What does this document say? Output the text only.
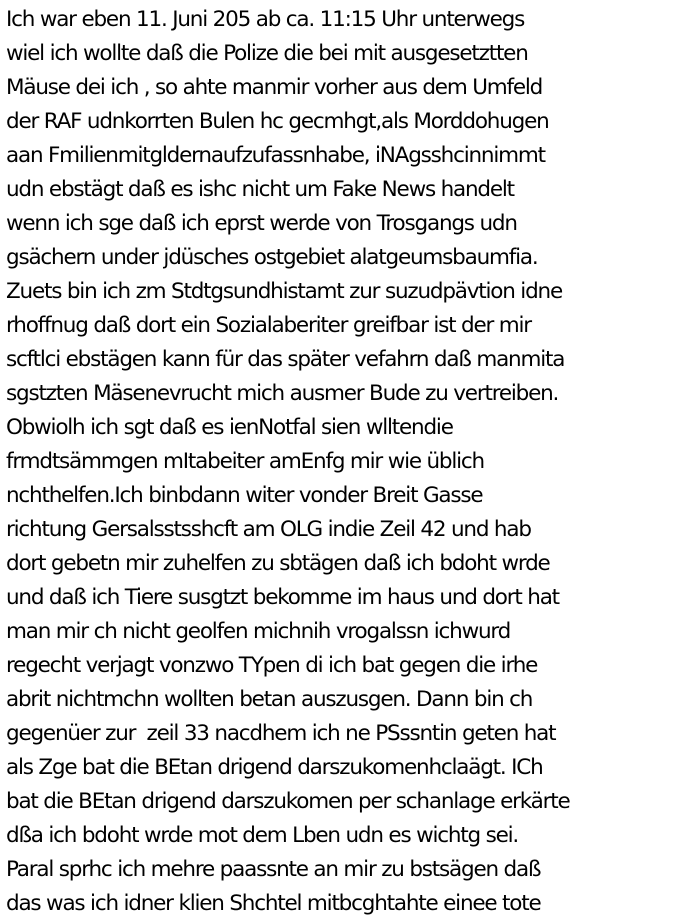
Ich war eben 11. Juni 205 ab ca. 11:15 Uhr unterwegs
wiel ich wollte daß die Polize die bei mit ausgesetztten
Mäuse dei ich , so ahte manmir vorher aus dem Umfeld
der RAF udnkorrten Bulen hc gecmhgt,als Morddohugen
aan Fmilienmitgldernaufzufassnhabe, iNAgsshcinnimmt
udn ebstägt daß es ishc nicht um Fake News handelt
wenn ich sge daß ich eprst werde von Trosgangs udn
gsächern under jdüsches ostgebiet alatgeumsbaumfia.
Zuets bin ich zm Stdtgsundhistamt zur suzudpävtion idne
rhoffnug daß dort ein Sozialaberiter greifbar ist der mir
scftlci ebstägen kann für das später vefahrn daß manmita
sgstzten Mäsenevrucht mich ausmer Bude zu vertreiben.
Obwiolh ich sgt daß es ienNotfal sien wlltendie
frmdtsämmgen mItabeiter amEnfg mir wie üblich
nchthelfen.Ich binbdann witer vonder Breit Gasse
richtung Gersalsstsshcft am OLG indie Zeil 42 und hab
dort gebetn mir zuhelfen zu sbtägen daß ich bdoht wrde
und daß ich Tiere susgtzt bekomme im haus und dort hat
man mir ch nicht geolfen michnih vrogalssn ichwurd
regecht verjagt vonzwo TYpen di ich bat gegen die irhe
abrit nichtmchn wollten betan auszusgen. Dann bin ch
gegenüer zur  zeil 33 nacdhem ich ne PSssntin geten hat
als Zge bat die BEtan drigend darszukomenhclaägt. ICh
bat die BEtan drigend darszukomen per schanlage erkärte
dßa ich bdoht wrde mot dem Lben udn es wichtg sei.
Paral sprhc ich mehre paassnte an mir zu bstsägen daß
das was ich idner klien Shchtel mitbcghtahte einee tote
